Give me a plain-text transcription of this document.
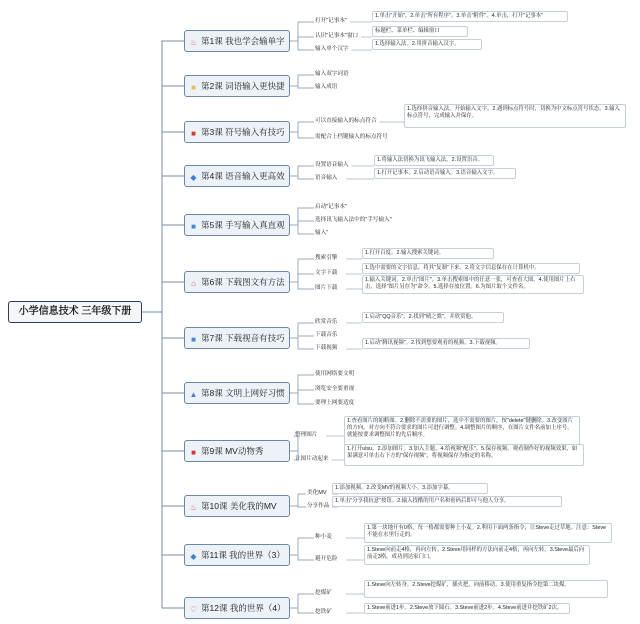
小学信息技术 三年级下册
♨ 第1课 我也学会输单字
打开"记事本"
1.单击"开始"。2.单击"所有程序"。3.单击"附件"。4.单击，打开"记事本"
认识"记事本"窗口
标题栏、菜单栏、编辑窗口
输入单个汉字
1.选择输入法。2.用拼音输入汉字。
■ 第2课 词语输入更快捷
输入双字词语
输入成语
■ 第3课 符号输入有技巧
可以直接输入的标点符合
1.选择拼音输入法，开始输入文字。2.遇到标点符号时，切换为中文标点符号状态。3.输入标点符号，完成输入并保存。
需配合上档键输入的标点符号
◆ 第4课 语音输入更高效
设置语音输入
1.将输入法切换为讯飞输入法。2.设置语音。
语音输入
1.打开记事本。2.启动语音输入。3.语音输入文字。
■ 第5课 手写输入真直观
启动"记事本"
选择讯飞输入法中的"手写输入"
输入"
⌂ 第6课 下载图文有方法
搜索引擎
1.打开百度。2.输入搜索关键词。
文字下载
1.选中需要的文字信息，将其"复制"下来。2.将文字信息保存在计算机中。
图片下载
1.输入关键词。2.单击"图片"。3.单击搜索图中的任意一张，可查看大图。4.使用图片上右击，选择"图片另存为"命令。5.选择存放位置。6.为图片取个文件名。
■ 第7课 下载视音有技巧
欣赏音乐
1.启动"QQ音乐"。2.找到"晴之歌"，并欣赏他。
下载音乐
下载视频
1.启动"腾讯视频"。2.找到想要观看的视频。3.下载视频。
▲ 第8课 文明上网好习惯
使用网络要文明
浏览安全要重视
要理上网要适度
■ 第9课 MV动物秀
整理图片
1.查看图片的缩略图。2.删除不需要的图片，选中不需要的图片，按"delete"键删除。3.改变图片的方向，对方向不符合要求的图片可进行调整。4.调整图片的顺序，在图片文件名前加上序号，就能按要求调整图片的先后顺序。
让图片动起来
1.打开ulsu。2.添加图片。3.加入主题。4.给视频"配乐"。5.保存视频。观看制作好的视频效果，如果满意可单击右下方的"保存视频"，将视频保存为指定的名称。
♨ 第10课 美化我的MV
美化MV
1.添加视频。2.改变MV的视频大小。3.添加字幕。
分享作品
1.单击"分享我抗意"按钮。2.输入找酷的用户名和密码后即可与他人分享。
◆ 第11课 我的世界（3）
种小麦
1.第一块地开有0格，每一格都需要种上小麦。2.利用下面两条指令，让Steve走过草地。注意：Steve不能在水里行走的。
避开危险
1.Steve向前走4格，再向左转。2.Steve用同样的方法向前走4格，再向左转。3.Steve最后向前走3格，成功到达家门口。
♡ 第12课 我的世界（4）
挖煤矿
1.Steve向左转身。2.Steve挖煤矿，插火把，向前移动。3.使用重复指令挖第二块煤。
挖铁矿
1.Steve前进1步。2.Steve放下圆石。3.Steve前进2步。4.Steve前进并挖铁矿2次。
